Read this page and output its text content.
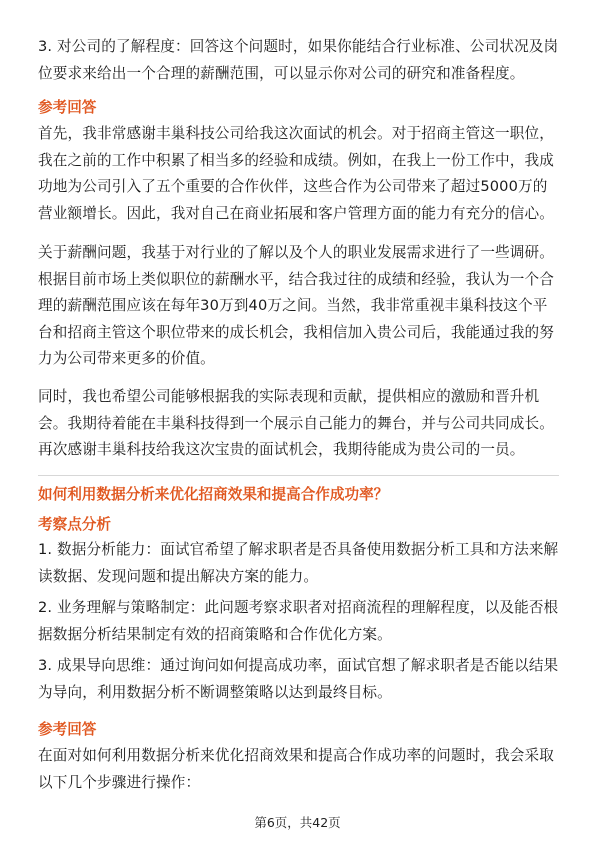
3. 对公司的了解程度：回答这个问题时，如果你能结合行业标准、公司状况及岗位要求来给出一个合理的薪酬范围，可以显示你对公司的研究和准备程度。

参考回答

首先，我非常感谢丰巢科技公司给我这次面试的机会。对于招商主管这一职位，我在之前的工作中积累了相当多的经验和成绩。例如，在我上一份工作中，我成功地为公司引入了五个重要的合作伙伴，这些合作为公司带来了超过5000万的营业额增长。因此，我对自己在商业拓展和客户管理方面的能力有充分的信心。

关于薪酬问题，我基于对行业的了解以及个人的职业发展需求进行了一些调研。根据目前市场上类似职位的薪酬水平，结合我过往的成绩和经验，我认为一个合理的薪酬范围应该在每年30万到40万之间。当然，我非常重视丰巢科技这个平台和招商主管这个职位带来的成长机会，我相信加入贵公司后，我能通过我的努力为公司带来更多的价值。

同时，我也希望公司能够根据我的实际表现和贡献，提供相应的激励和晋升机会。我期待着能在丰巢科技得到一个展示自己能力的舞台，并与公司共同成长。再次感谢丰巢科技给我这次宝贵的面试机会，我期待能成为贵公司的一员。

如何利用数据分析来优化招商效果和提高合作成功率？
考察点分析

1. 数据分析能力：面试官希望了解求职者是否具备使用数据分析工具和方法来解读数据、发现问题和提出解决方案的能力。

2. 业务理解与策略制定：此问题考察求职者对招商流程的理解程度，以及能否根据数据分析结果制定有效的招商策略和合作优化方案。

3. 成果导向思维：通过询问如何提高成功率，面试官想了解求职者是否能以结果为导向，利用数据分析不断调整策略以达到最终目标。

参考回答

在面对如何利用数据分析来优化招商效果和提高合作成功率的问题时，我会采取以下几个步骤进行操作：

第6页，共42页
